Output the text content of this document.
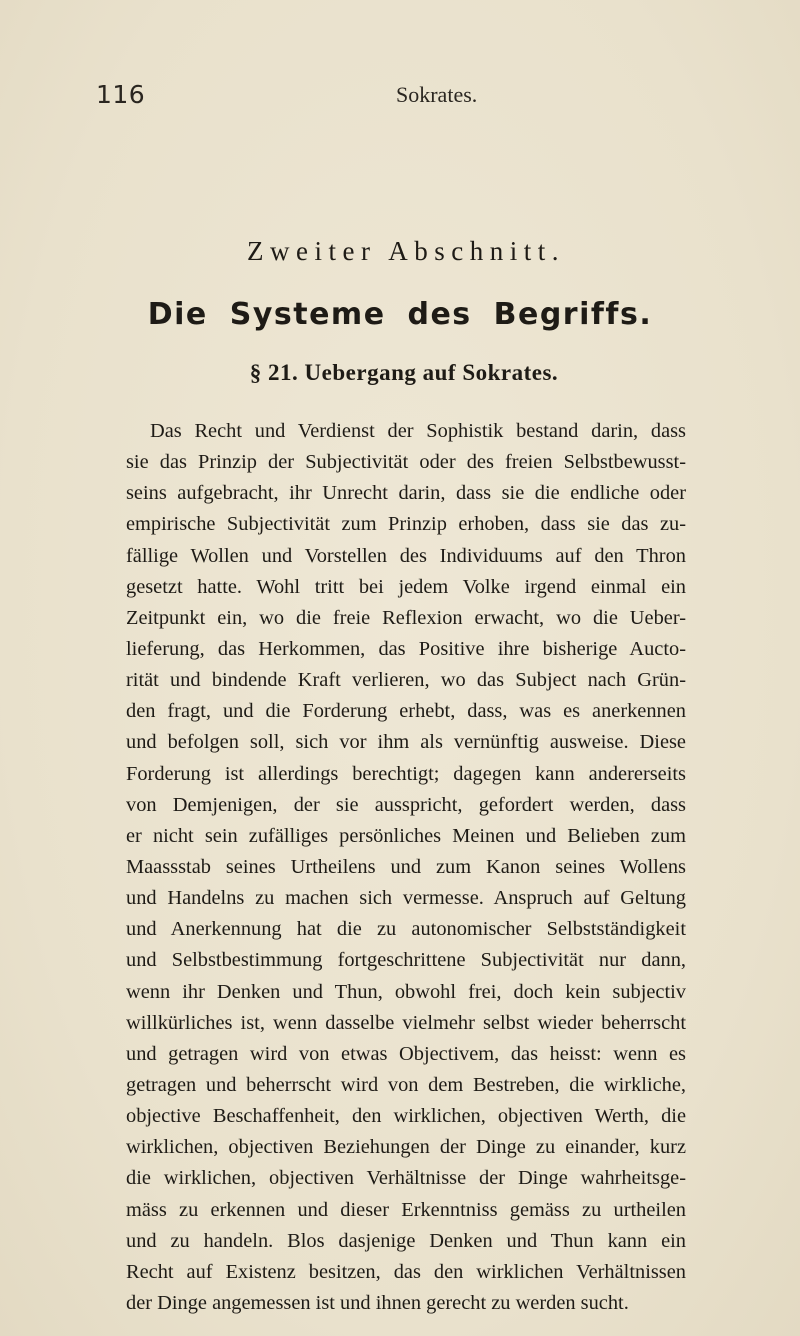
116	Sokrates.
Zweiter Abschnitt.
Die Systeme des Begriffs.
§ 21. Uebergang auf Sokrates.
Das Recht und Verdienst der Sophistik bestand darin, dass
sie das Prinzip der Subjectivität oder des freien Selbstbewusst-
seins aufgebracht, ihr Unrecht darin, dass sie die endliche oder
empirische Subjectivität zum Prinzip erhoben, dass sie das zu-
fällige Wollen und Vorstellen des Individuums auf den Thron
gesetzt hatte. Wohl tritt bei jedem Volke irgend einmal ein
Zeitpunkt ein, wo die freie Reflexion erwacht, wo die Ueber-
lieferung, das Herkommen, das Positive ihre bisherige Aucto-
rität und bindende Kraft verlieren, wo das Subject nach Grün-
den fragt, und die Forderung erhebt, dass, was es anerkennen
und befolgen soll, sich vor ihm als vernünftig ausweise. Diese
Forderung ist allerdings berechtigt; dagegen kann andererseits
von Demjenigen, der sie ausspricht, gefordert werden, dass
er nicht sein zufälliges persönliches Meinen und Belieben zum
Maassstab seines Urtheilens und zum Kanon seines Wollens
und Handelns zu machen sich vermesse. Anspruch auf Geltung
und Anerkennung hat die zu autonomischer Selbstständigkeit
und Selbstbestimmung fortgeschrittene Subjectivität nur dann,
wenn ihr Denken und Thun, obwohl frei, doch kein subjectiv
willkürliches ist, wenn dasselbe vielmehr selbst wieder beherrscht
und getragen wird von etwas Objectivem, das heisst: wenn es
getragen und beherrscht wird von dem Bestreben, die wirkliche,
objective Beschaffenheit, den wirklichen, objectiven Werth, die
wirklichen, objectiven Beziehungen der Dinge zu einander, kurz
die wirklichen, objectiven Verhältnisse der Dinge wahrheitsge-
mäss zu erkennen und dieser Erkenntniss gemäss zu urtheilen
und zu handeln. Blos dasjenige Denken und Thun kann ein
Recht auf Existenz besitzen, das den wirklichen Verhältnissen
der Dinge angemessen ist und ihnen gerecht zu werden sucht.
